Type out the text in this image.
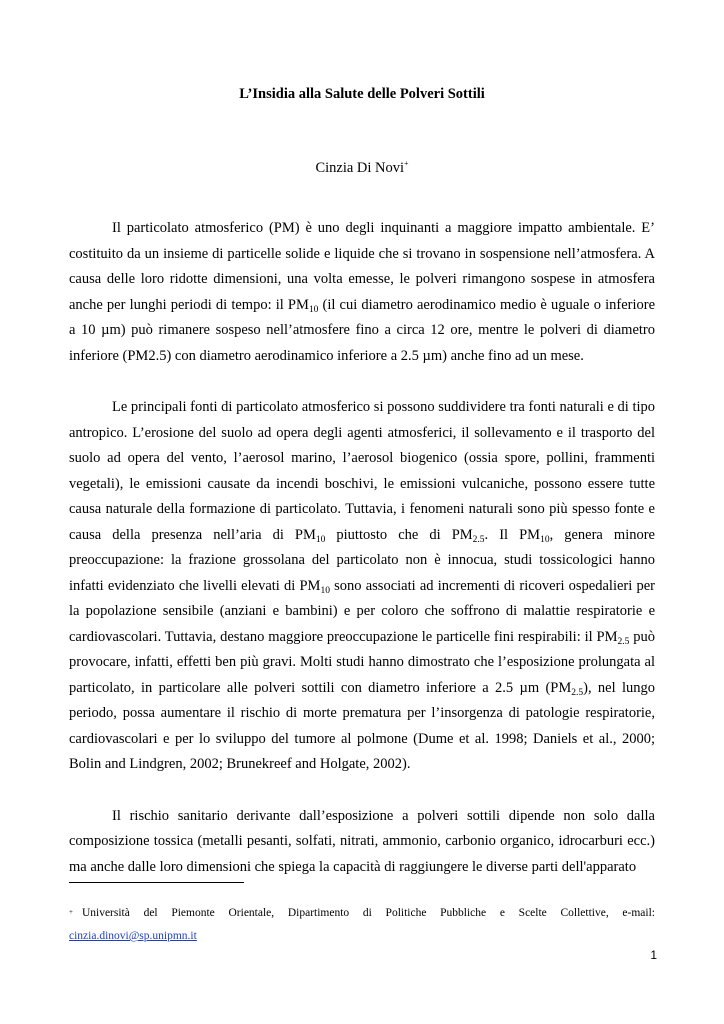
L’Insidia alla Salute delle Polveri Sottili
Cinzia Di Novi+

Il particolato atmosferico (PM) è uno degli inquinanti a maggiore impatto ambientale. E’ costituito da un insieme di particelle solide e liquide che si trovano in sospensione nell’atmosfera. A causa delle loro ridotte dimensioni, una volta emesse, le polveri rimangono sospese in atmosfera anche per lunghi periodi di tempo: il $PM_{10}$ (il cui diametro aerodinamico medio è uguale o inferiore a 10 µm) può rimanere sospeso nell’atmosfere fino a circa 12 ore, mentre le polveri di diametro inferiore (PM2.5) con diametro aerodinamico inferiore a 2.5 µm) anche fino ad un mese.

Le principali fonti di particolato atmosferico si possono suddividere tra fonti naturali e di tipo antropico. L’erosione del suolo ad opera degli agenti atmosferici, il sollevamento e il trasporto del suolo ad opera del vento, l’aerosol marino, l’aerosol biogenico (ossia spore, pollini, frammenti vegetali), le emissioni causate da incendi boschivi, le emissioni vulcaniche, possono essere tutte causa naturale della formazione di particolato. Tuttavia, i fenomeni naturali sono più spesso fonte e causa della presenza nell’aria di $PM_{10}$ piuttosto che di $PM_{2.5}$. Il $PM_{10}$, genera minore preoccupazione: la frazione grossolana del particolato non è innocua, studi tossicologici hanno infatti evidenziato che livelli elevati di $PM_{10}$ sono associati ad incrementi di ricoveri ospedalieri per la popolazione sensibile (anziani e bambini) e per coloro che soffrono di malattie respiratorie e cardiovascolari. Tuttavia, destano maggiore preoccupazione le particelle fini respirabili: il $PM_{2.5}$ può provocare, infatti, effetti ben più gravi. Molti studi hanno dimostrato che l’esposizione prolungata al particolato, in particolare alle polveri sottili con diametro inferiore a 2.5 µm $(PM_{2.5})$, nel lungo periodo, possa aumentare il rischio di morte prematura per l’insorgenza di patologie respiratorie, cardiovascolari e per lo sviluppo del tumore al polmone (Dume et al. 1998; Daniels et al., 2000; Bolin and Lindgren, 2002; Brunekreef and Holgate, 2002).

Il rischio sanitario derivante dall’esposizione a polveri sottili dipende non solo dalla composizione tossica (metalli pesanti, solfati, nitrati, ammonio, carbonio organico, idrocarburi ecc.) ma anche dalle loro dimensioni che spiega la capacità di raggiungere le diverse parti dell'apparato

+ Università del Piemonte Orientale, Dipartimento di Politiche Pubbliche e Scelte Collettive, e-mail: cinzia.dinovi@sp.unipmn.it
1
